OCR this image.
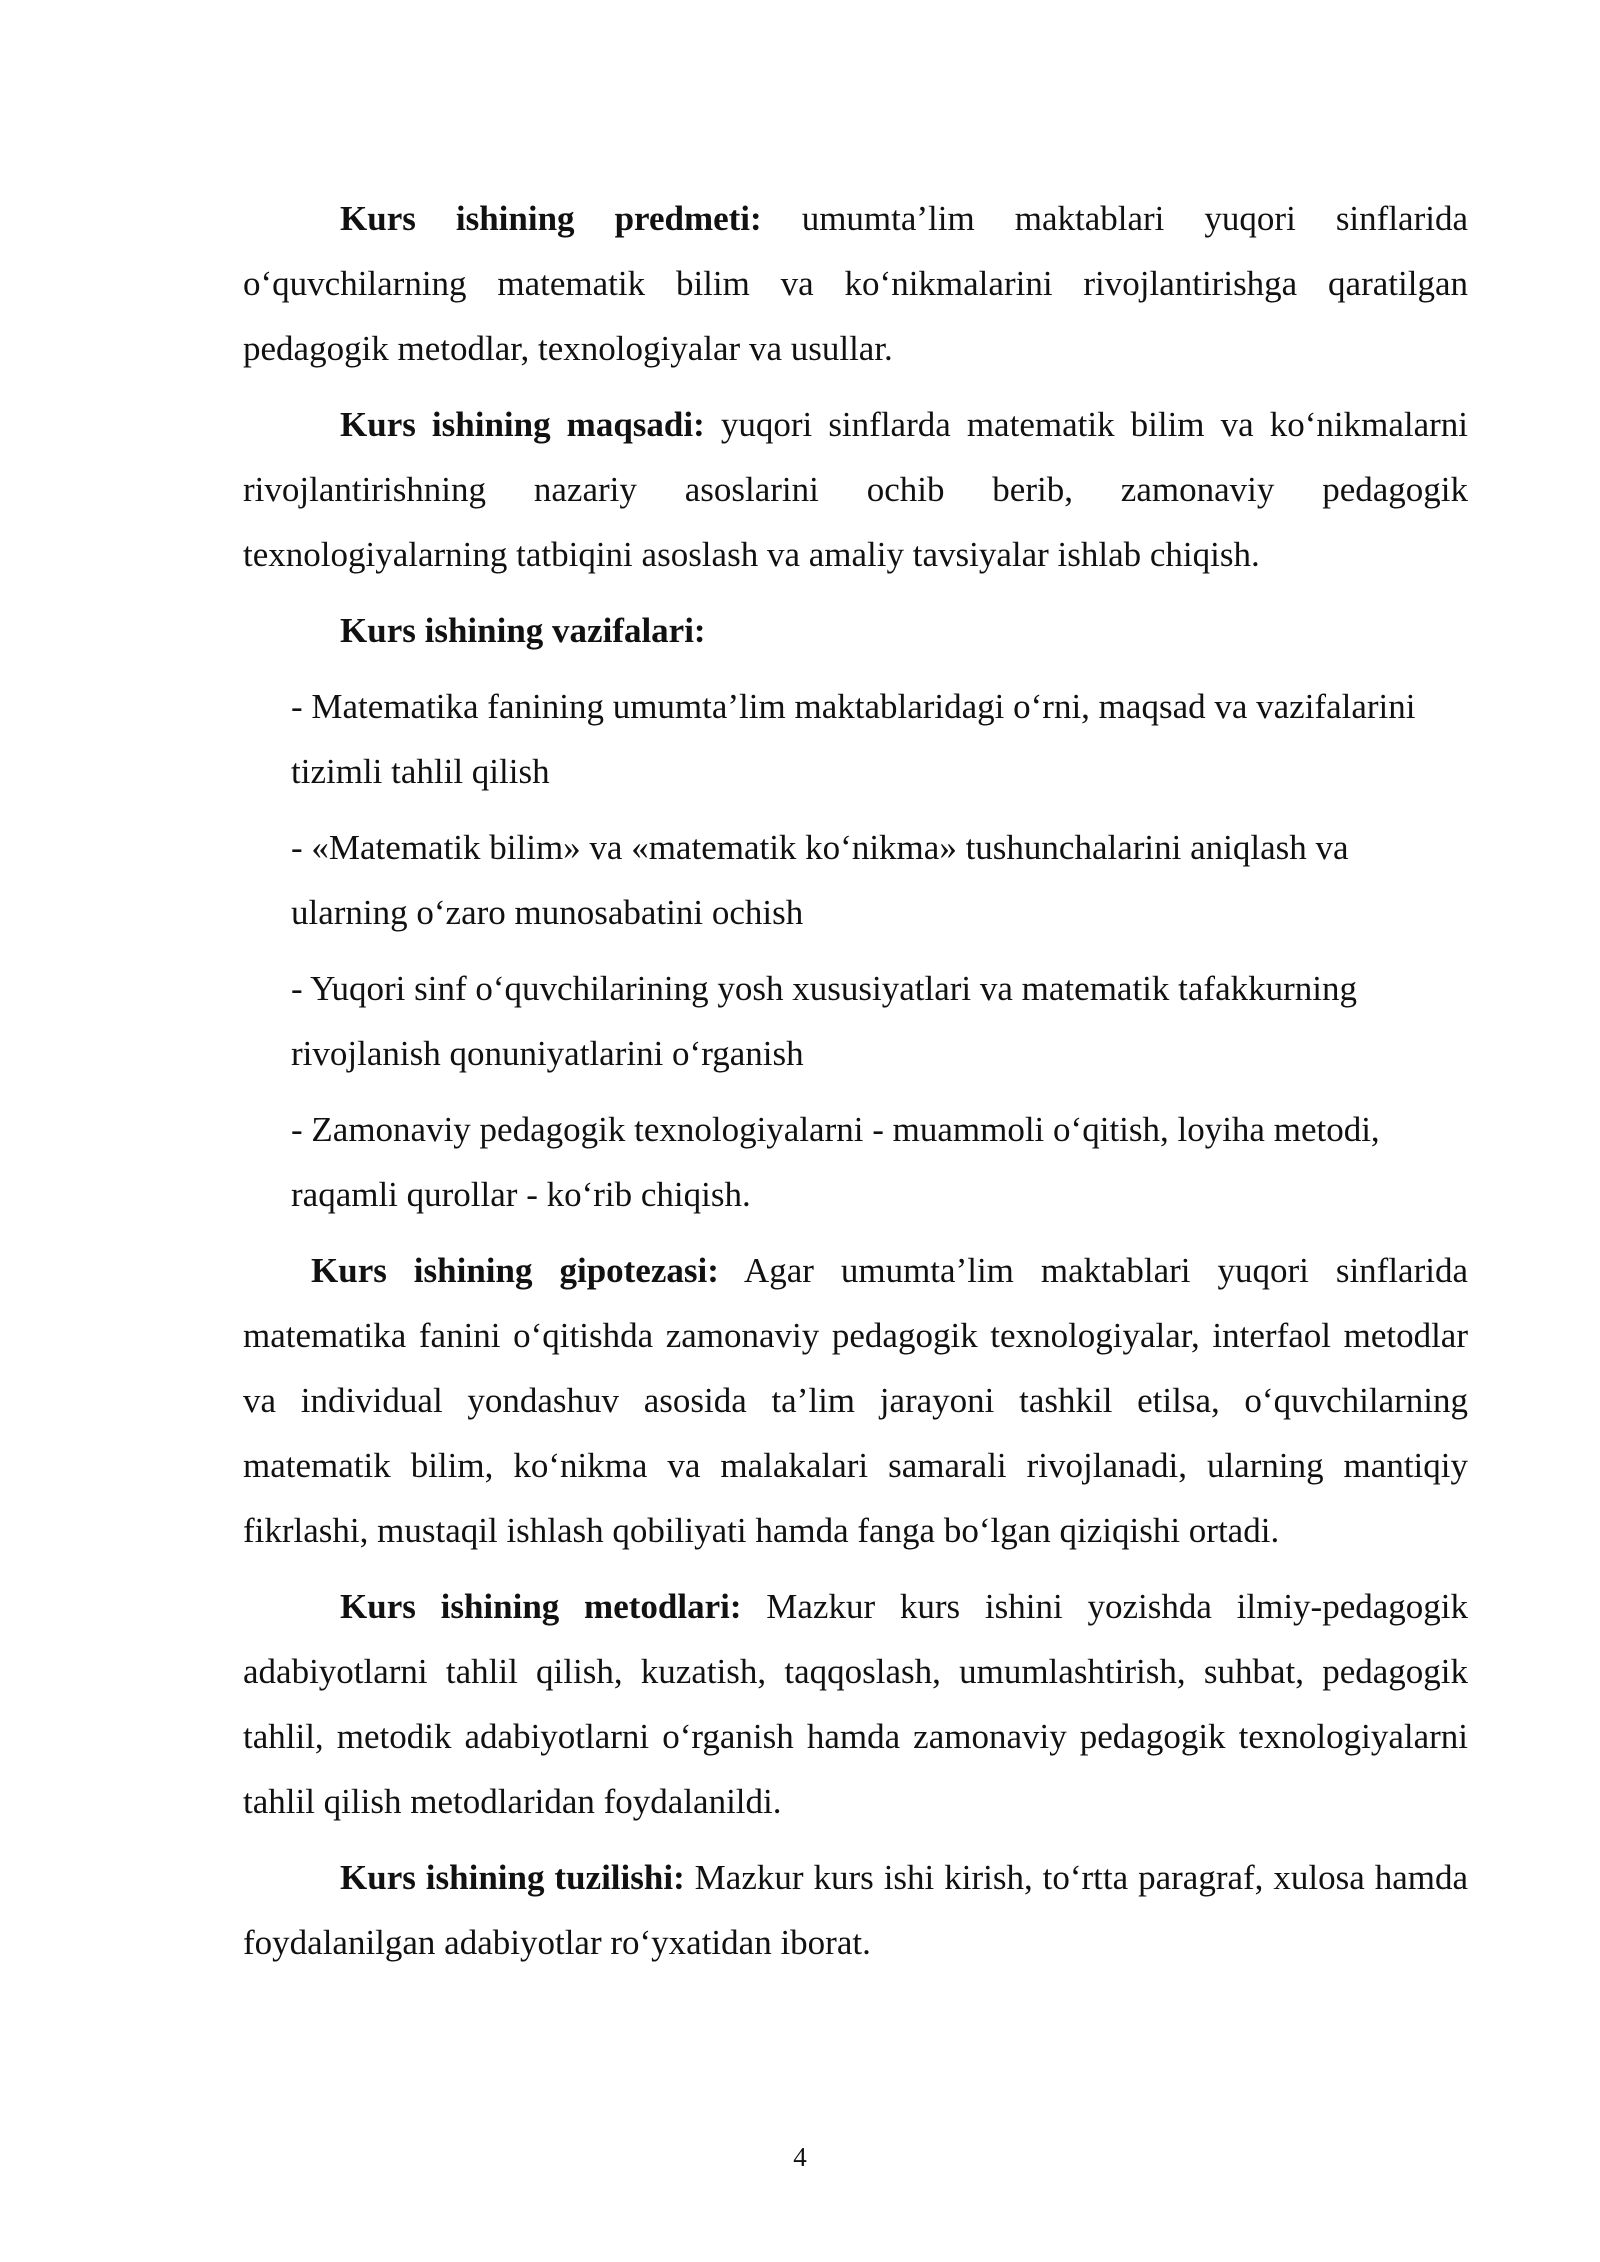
Kurs ishining predmeti: umumta’lim maktablari yuqori sinflarida o‘quvchilarning matematik bilim va ko‘nikmalarini rivojlantirishga qaratilgan pedagogik metodlar, texnologiyalar va usullar.

Kurs ishining maqsadi: yuqori sinflarda matematik bilim va ko‘nikmalarni rivojlantirishning nazariy asoslarini ochib berib, zamonaviy pedagogik texnologiyalarning tatbiqini asoslash va amaliy tavsiyalar ishlab chiqish.

Kurs ishining vazifalari:

- Matematika fanining umumta’lim maktablaridagi o‘rni, maqsad va vazifalarini tizimli tahlil qilish

- «Matematik bilim» va «matematik ko‘nikma» tushunchalarini aniqlash va ularning o‘zaro munosabatini ochish

- Yuqori sinf o‘quvchilarining yosh xususiyatlari va matematik tafakkurning rivojlanish qonuniyatlarini o‘rganish

- Zamonaviy pedagogik texnologiyalarni - muammoli o‘qitish, loyiha metodi, raqamli qurollar - ko‘rib chiqish.

Kurs ishining gipotezasi: Agar umumta’lim maktablari yuqori sinflarida matematika fanini o‘qitishda zamonaviy pedagogik texnologiyalar, interfaol metodlar va individual yondashuv asosida ta’lim jarayoni tashkil etilsa, o‘quvchilarning matematik bilim, ko‘nikma va malakalari samarali rivojlanadi, ularning mantiqiy fikrlashi, mustaqil ishlash qobiliyati hamda fanga bo‘lgan qiziqishi ortadi.

Kurs ishining metodlari: Mazkur kurs ishini yozishda ilmiy-pedagogik adabiyotlarni tahlil qilish, kuzatish, taqqoslash, umumlashtirish, suhbat, pedagogik tahlil, metodik adabiyotlarni o‘rganish hamda zamonaviy pedagogik texnologiyalarni tahlil qilish metodlaridan foydalanildi.

Kurs ishining tuzilishi: Mazkur kurs ishi kirish, to‘rtta paragraf, xulosa hamda foydalanilgan adabiyotlar ro‘yxatidan iborat.

4
